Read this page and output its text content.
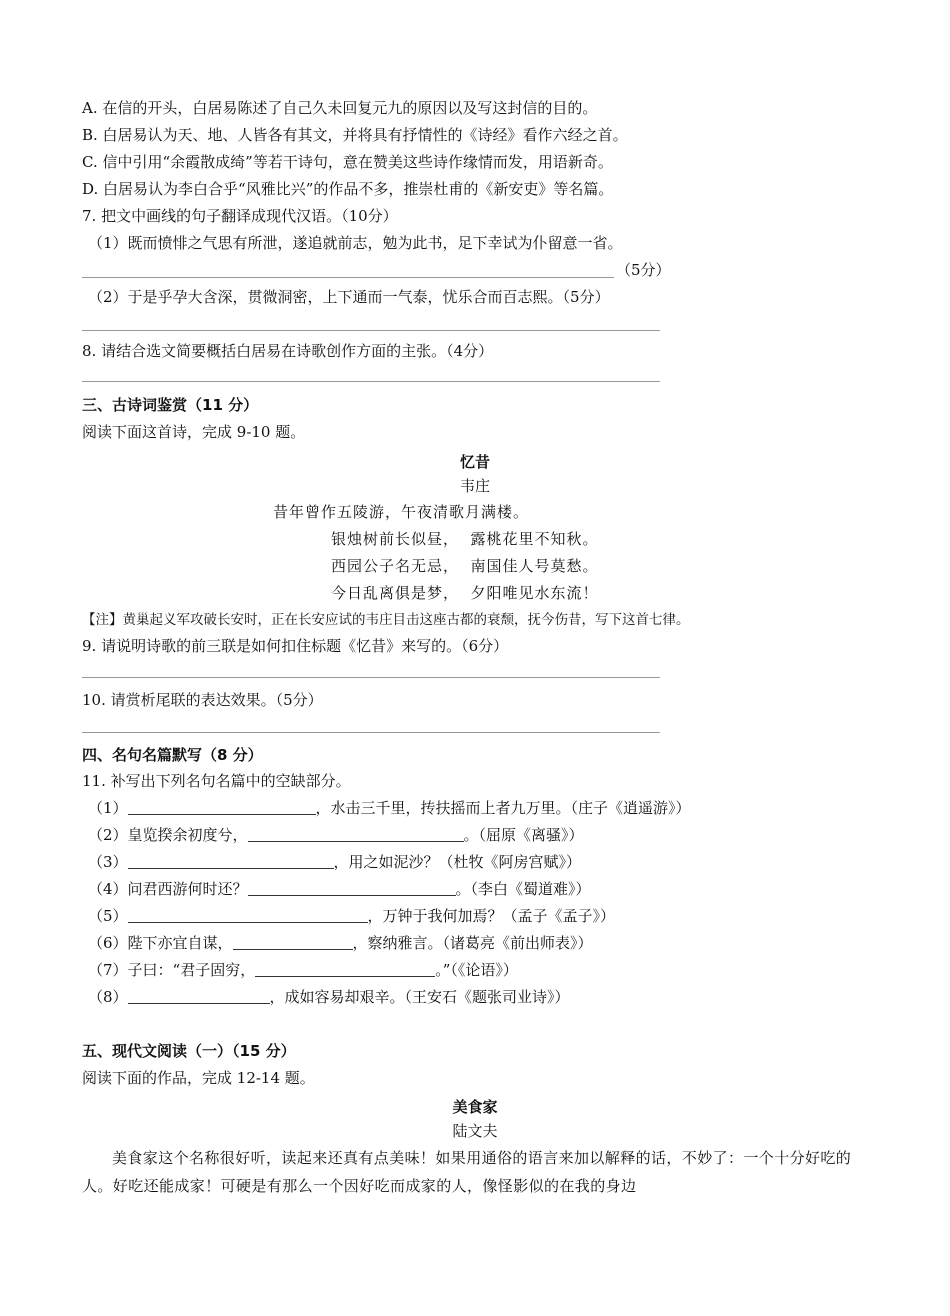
A. 在信的开头，白居易陈述了自己久未回复元九的原因以及写这封信的目的。
B. 白居易认为天、地、人皆各有其文，并将具有抒情性的《诗经》看作六经之首。
C. 信中引用“余霞散成绮”等若干诗句，意在赞美这些诗作缘情而发，用语新奇。
D. 白居易认为李白合乎“风雅比兴”的作品不多，推崇杜甫的《新安吏》等名篇。
7. 把文中画线的句子翻译成现代汉语。（10分）
（1）既而愤悱之气思有所泄，遂追就前志，勉为此书，足下幸试为仆留意一省。
（5分）
（2）于是乎孕大含深，贯微洞密，上下通而一气泰，忧乐合而百志熙。（5分）
8. 请结合选文简要概括白居易在诗歌创作方面的主张。（4分）
三、古诗词鉴赏（11 分）
阅读下面这首诗，完成 9-10 题。
忆昔
韦庄
昔年曾作五陵游，午夜清歌月满楼。
银烛树前长似昼，  露桃花里不知秋。
西园公子名无忌，  南国佳人号莫愁。
今日乱离俱是梦，  夕阳唯见水东流！
【注】黄巢起义军攻破长安时，正在长安应试的韦庄目击这座古都的衰颓，抚今伤昔，写下这首七律。
9. 请说明诗歌的前三联是如何扣住标题《忆昔》来写的。（6分）
10. 请赏析尾联的表达效果。（5分）
四、名句名篇默写（8 分）
11. 补写出下列名句名篇中的空缺部分。
（1）	，水击三千里，抟扶摇而上者九万里。（庄子《逍遥游》）
（2）皇览揆余初度兮，	。（屈原《离骚》）
（3）	，用之如泥沙？（杜牧《阿房宫赋》）
（4）问君西游何时还？	。（李白《蜀道难》）
（5）	，万钟于我何加焉？（孟子《孟子》）
（6）陛下亦宜自谋，	，察纳雅言。（诸葛亮《前出师表》）
（7）子曰：“君子固穷，	。”（《论语》）
（8）	，成如容易却艰辛。（王安石《题张司业诗》）
五、现代文阅读（一）（15 分）
阅读下面的作品，完成 12-14 题。
美食家
陆文夫
美食家这个名称很好听，读起来还真有点美味！如果用通俗的语言来加以解释的话，不妙了：一个十分好吃的人。好吃还能成家！可硬是有那么一个因好吃而成家的人，像怪影似的在我的身边
